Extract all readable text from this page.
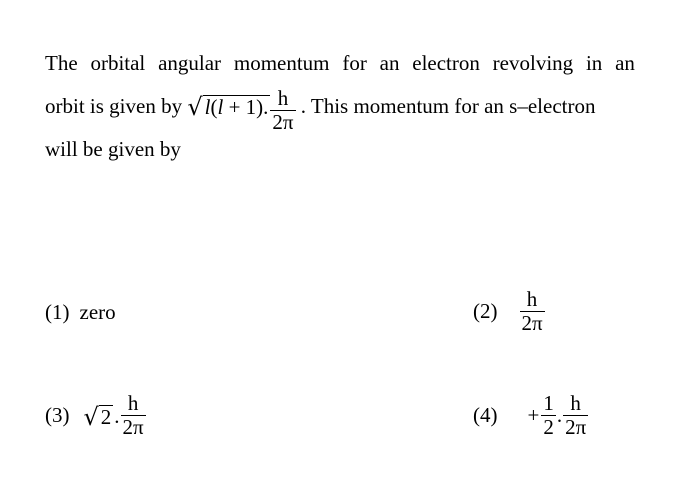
The orbital angular momentum for an electron revolving in an
orbit is given by √ l(l + 1). $\frac{h}{2\pi}$ . This momentum for an s–electron
will be given by
(1) zero	$(2) \frac{h}{2\pi}$
(3) √ 2 . $\frac{h}{2\pi}$	$(4) + \frac{1}{2}$ . $\frac{h}{2\pi}$
